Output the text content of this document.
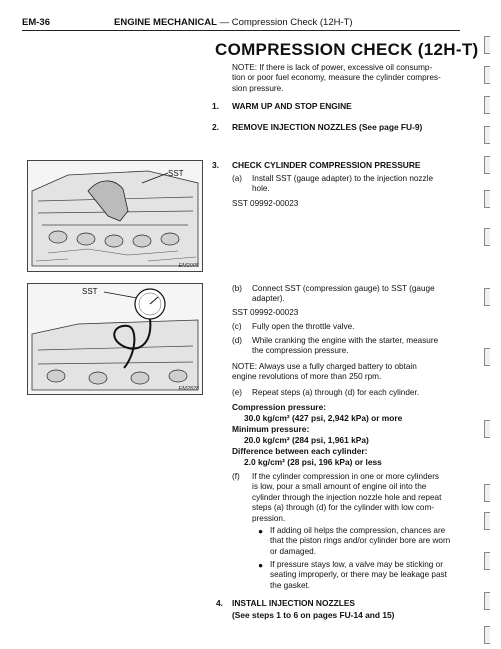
EM-36	ENGINE MECHANICAL — Compression Check (12H-T)
COMPRESSION CHECK (12H-T)
NOTE: If there is lack of power, excessive oil consump-
tion or poor fuel economy, measure the cylinder compres-
sion pressure.
1. WARM UP AND STOP ENGINE
2. REMOVE INJECTION NOZZLES (See page FU-9)
SST
EM2005
3. CHECK CYLINDER COMPRESSION PRESSURE
(a) Install SST (gauge adapter) to the injection nozzle
hole.
SST 09992-00023
SST
EM2828
(b) Connect SST (compression gauge) to SST (gauge
adapter).
SST 09992-00023
(c) Fully open the throttle valve.
(d) While cranking the engine with the starter, measure
the compression pressure.
NOTE: Always use a fully charged battery to obtain
engine revolutions of more than 250 rpm.
(e) Repeat steps (a) through (d) for each cylinder.
Compression pressure:
30.0 kg/cm² (427 psi, 2,942 kPa) or more
Minimum pressure:
20.0 kg/cm² (284 psi, 1,961 kPa)
Difference between each cylinder:
2.0 kg/cm² (28 psi, 196 kPa) or less
(f) If the cylinder compression in one or more cylinders
is low, pour a small amount of engine oil into the
cylinder through the injection nozzle hole and repeat
steps (a) through (d) for the cylinder with low com-
pression.
● If adding oil helps the compression, chances are
that the piston rings and/or cylinder bore are worn
or damaged.
● If pressure stays low, a valve may be sticking or
seating improperly, or there may be leakage past
the gasket.
4. INSTALL INJECTION NOZZLES
(See steps 1 to 6 on pages FU-14 and 15)
